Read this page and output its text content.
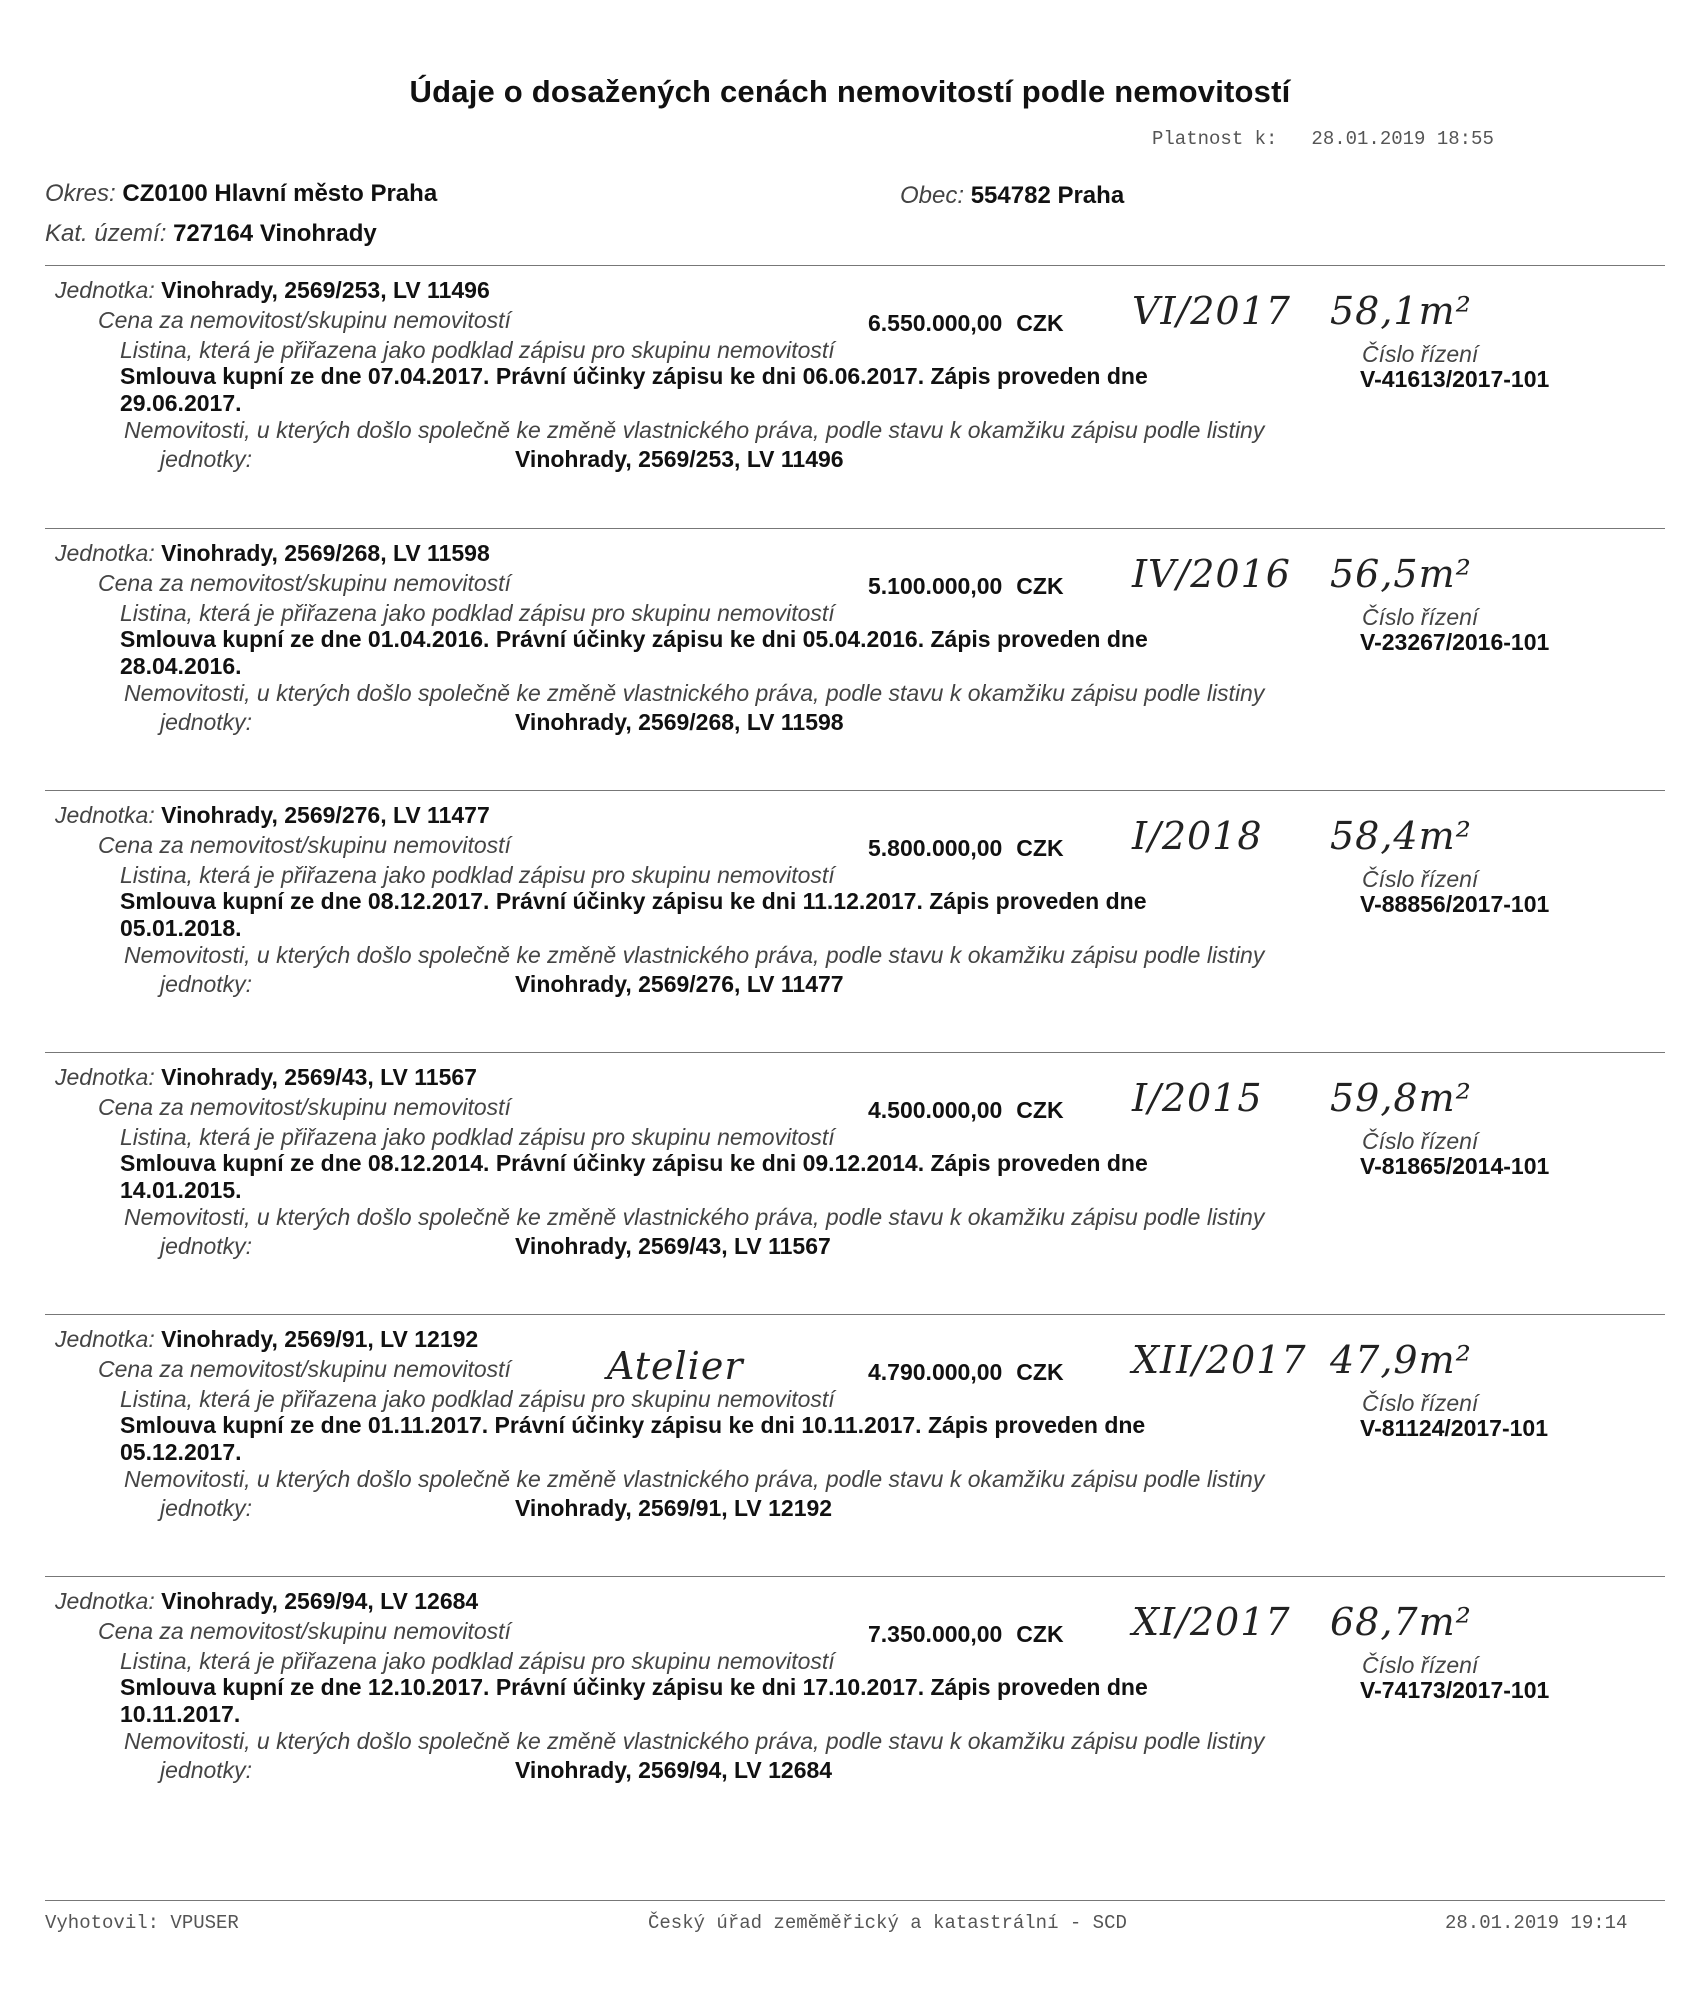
Údaje o dosažených cenách nemovitostí podle nemovitostí
Platnost k: 28.01.2019 18:55
Okres: CZ0100 Hlavní město Praha	Obec: 554782 Praha
Kat. území: 727164 Vinohrady
Jednotka: Vinohrady, 2569/253, LV 11496
Cena za nemovitost/skupinu nemovitostí	6.550.000,00 CZK
Listina, která je přiřazena jako podklad zápisu pro skupinu nemovitostí	Číslo řízení
Smlouva kupní ze dne 07.04.2017. Právní účinky zápisu ke dni 06.06.2017. Zápis proveden dne
29.06.2017.
V-41613/2017-101
Nemovitosti, u kterých došlo společně ke změně vlastnického práva, podle stavu k okamžiku zápisu podle listiny
jednotky:	Vinohrady, 2569/253, LV 11496
VI/2017 58,1m²
Jednotka: Vinohrady, 2569/268, LV 11598
Cena za nemovitost/skupinu nemovitostí	5.100.000,00 CZK
Listina, která je přiřazena jako podklad zápisu pro skupinu nemovitostí	Číslo řízení
Smlouva kupní ze dne 01.04.2016. Právní účinky zápisu ke dni 05.04.2016. Zápis proveden dne
28.04.2016.
V-23267/2016-101
Nemovitosti, u kterých došlo společně ke změně vlastnického práva, podle stavu k okamžiku zápisu podle listiny
jednotky:	Vinohrady, 2569/268, LV 11598
IV/2016 56,5m²
Jednotka: Vinohrady, 2569/276, LV 11477
Cena za nemovitost/skupinu nemovitostí	5.800.000,00 CZK
Listina, která je přiřazena jako podklad zápisu pro skupinu nemovitostí	Číslo řízení
Smlouva kupní ze dne 08.12.2017. Právní účinky zápisu ke dni 11.12.2017. Zápis proveden dne
05.01.2018.
V-88856/2017-101
Nemovitosti, u kterých došlo společně ke změně vlastnického práva, podle stavu k okamžiku zápisu podle listiny
jednotky:	Vinohrady, 2569/276, LV 11477
I/2018 58,4m²
Jednotka: Vinohrady, 2569/43, LV 11567
Cena za nemovitost/skupinu nemovitostí	4.500.000,00 CZK
Listina, která je přiřazena jako podklad zápisu pro skupinu nemovitostí	Číslo řízení
Smlouva kupní ze dne 08.12.2014. Právní účinky zápisu ke dni 09.12.2014. Zápis proveden dne
14.01.2015.
V-81865/2014-101
Nemovitosti, u kterých došlo společně ke změně vlastnického práva, podle stavu k okamžiku zápisu podle listiny
jednotky:	Vinohrady, 2569/43, LV 11567
I/2015 59,8m²
Jednotka: Vinohrady, 2569/91, LV 12192
Cena za nemovitost/skupinu nemovitostí	4.790.000,00 CZK
Listina, která je přiřazena jako podklad zápisu pro skupinu nemovitostí	Číslo řízení
Smlouva kupní ze dne 01.11.2017. Právní účinky zápisu ke dni 10.11.2017. Zápis proveden dne
05.12.2017.
V-81124/2017-101
Nemovitosti, u kterých došlo společně ke změně vlastnického práva, podle stavu k okamžiku zápisu podle listiny
jednotky:	Vinohrady, 2569/91, LV 12192
Atelier	XII/2017 47,9m²
Jednotka: Vinohrady, 2569/94, LV 12684
Cena za nemovitost/skupinu nemovitostí	7.350.000,00 CZK
Listina, která je přiřazena jako podklad zápisu pro skupinu nemovitostí	Číslo řízení
Smlouva kupní ze dne 12.10.2017. Právní účinky zápisu ke dni 17.10.2017. Zápis proveden dne
10.11.2017.
V-74173/2017-101
Nemovitosti, u kterých došlo společně ke změně vlastnického práva, podle stavu k okamžiku zápisu podle listiny
jednotky:	Vinohrady, 2569/94, LV 12684
XI/2017 68,7m²
Vyhotovil: VPUSER	Český úřad zeměměřický a katastrální - SCD	28.01.2019 19:14
